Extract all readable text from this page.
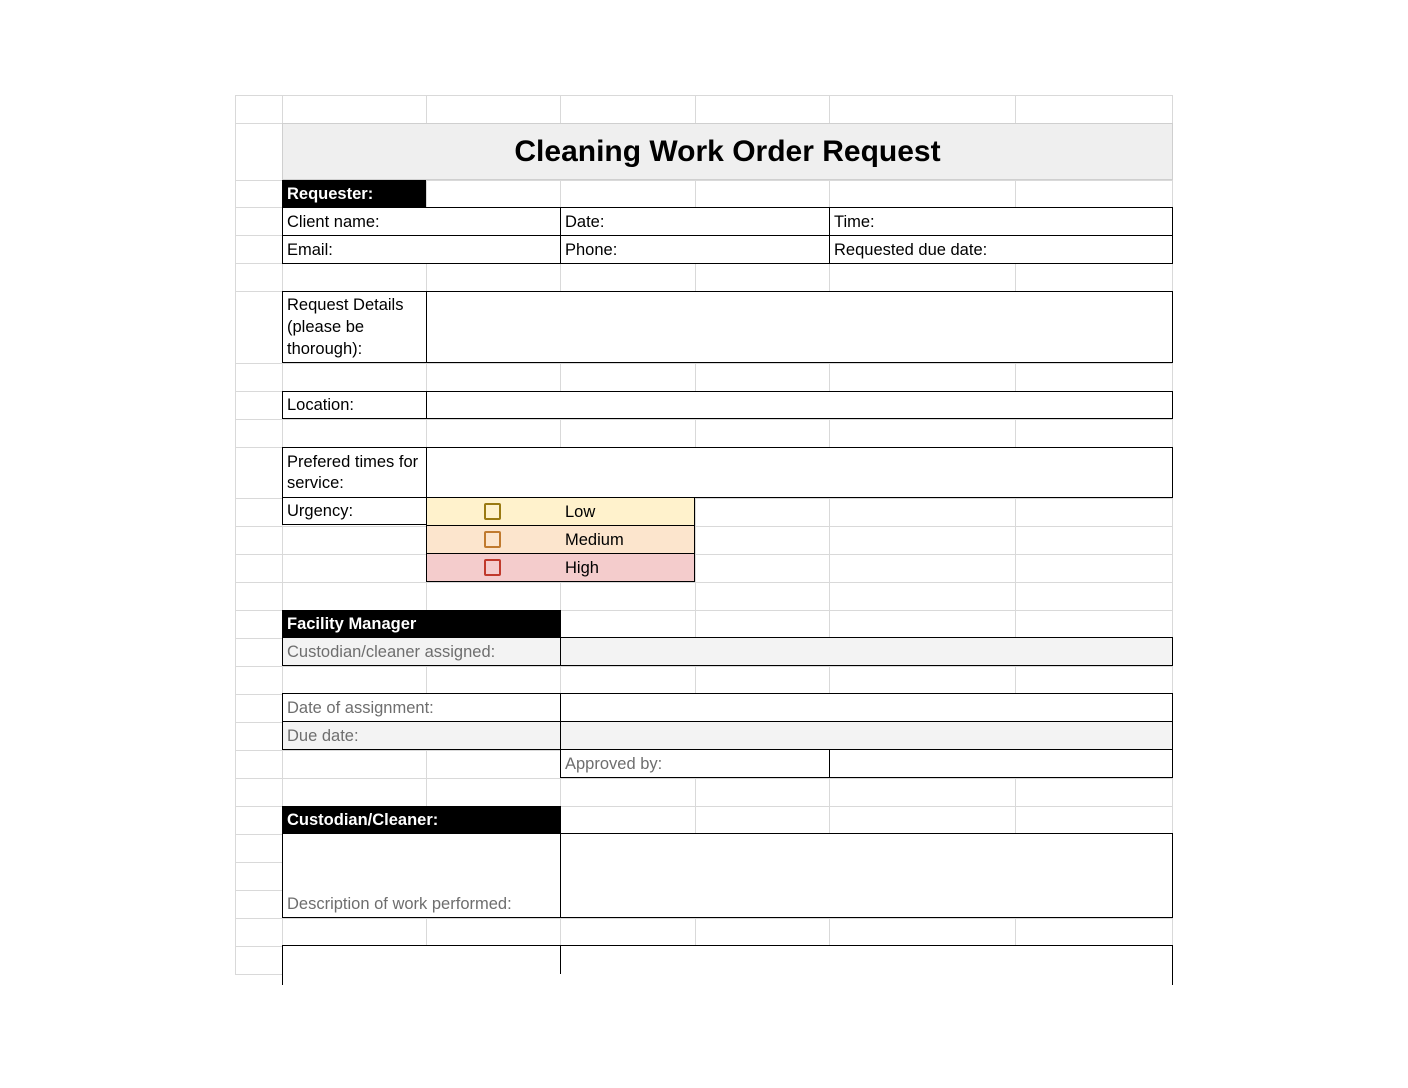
Cleaning Work Order Request
Requester:
Client name:	Date:	Time:
Email:	Phone:	Requested due date:
Request Details (please be thorough):
Location:
Prefered times for service:
Urgency:	Low
Medium
High
Facility Manager
Custodian/cleaner assigned:
Date of assignment:
Due date:
Approved by:
Custodian/Cleaner:
Description of work performed:
